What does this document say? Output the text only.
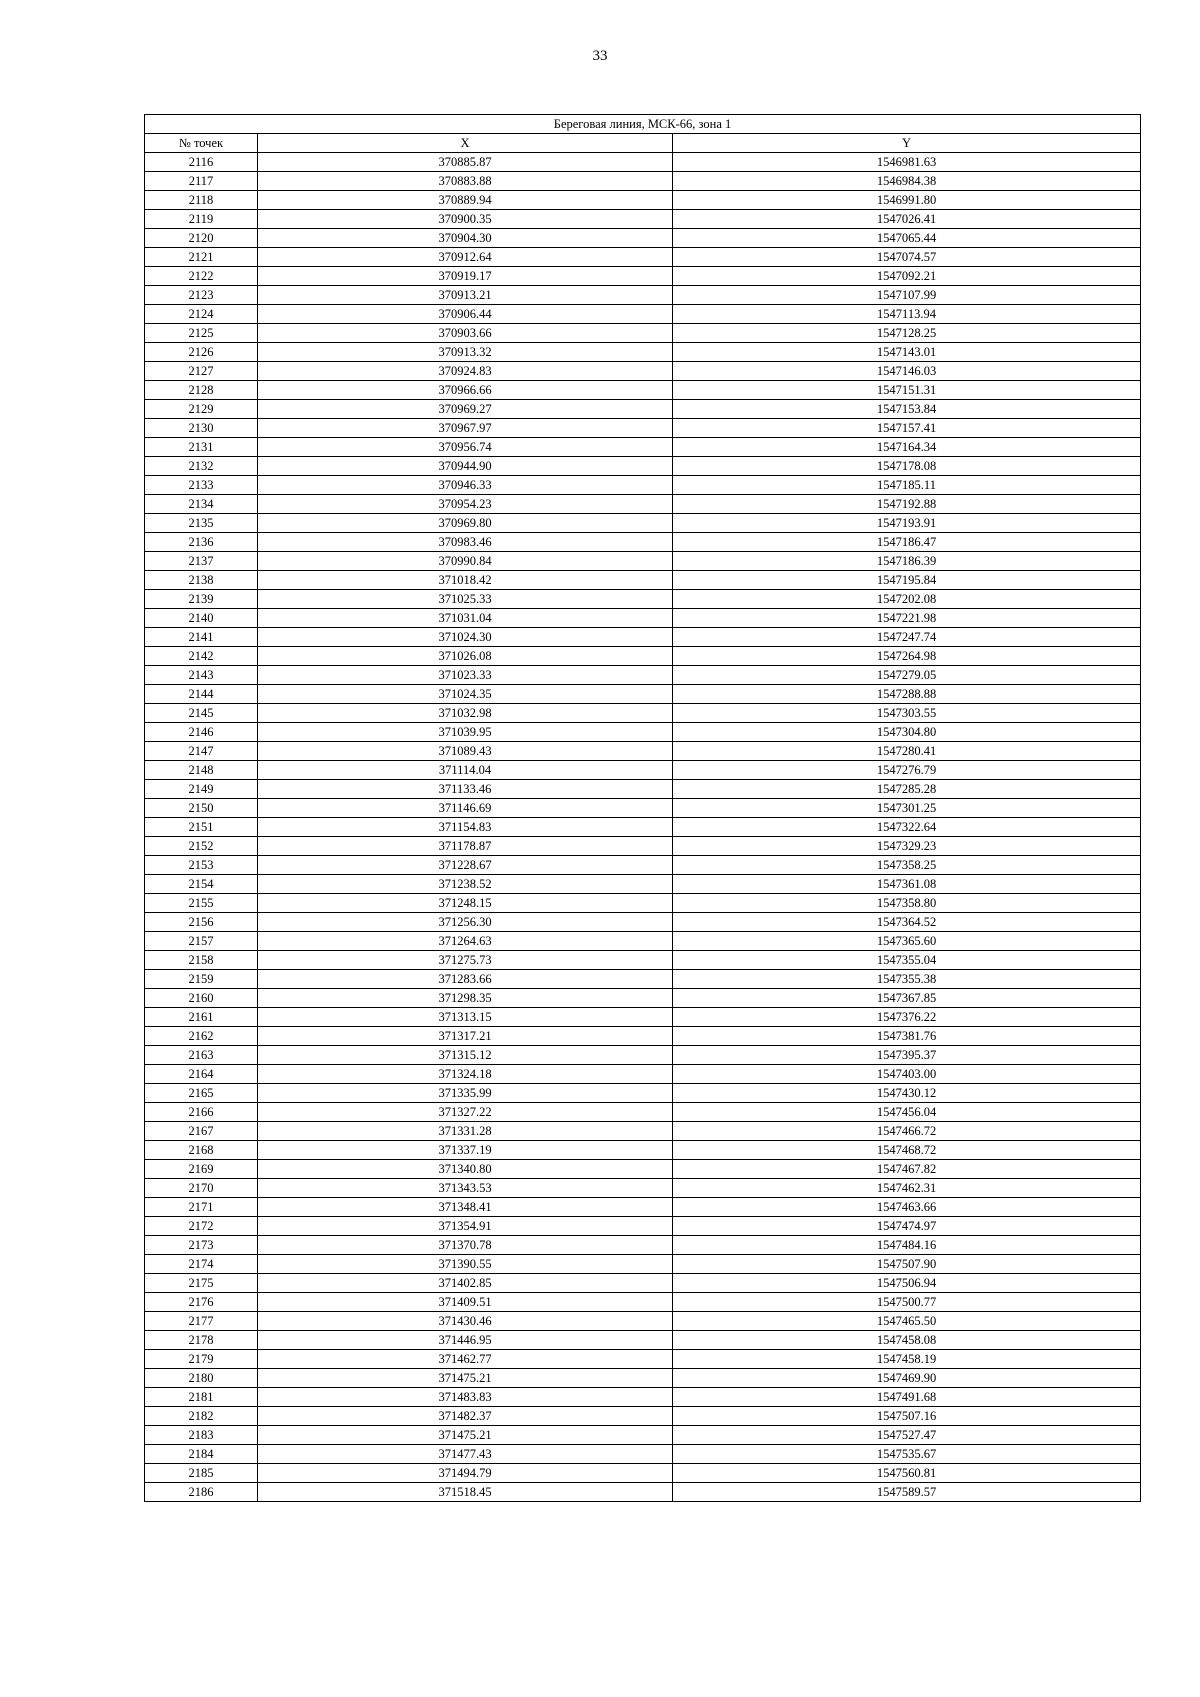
33
Береговая линия, МСК-66, зона 1		
№ точек	X	Y
2116	370885.87	1546981.63
2117	370883.88	1546984.38
2118	370889.94	1546991.80
2119	370900.35	1547026.41
2120	370904.30	1547065.44
2121	370912.64	1547074.57
2122	370919.17	1547092.21
2123	370913.21	1547107.99
2124	370906.44	1547113.94
2125	370903.66	1547128.25
2126	370913.32	1547143.01
2127	370924.83	1547146.03
2128	370966.66	1547151.31
2129	370969.27	1547153.84
2130	370967.97	1547157.41
2131	370956.74	1547164.34
2132	370944.90	1547178.08
2133	370946.33	1547185.11
2134	370954.23	1547192.88
2135	370969.80	1547193.91
2136	370983.46	1547186.47
2137	370990.84	1547186.39
2138	371018.42	1547195.84
2139	371025.33	1547202.08
2140	371031.04	1547221.98
2141	371024.30	1547247.74
2142	371026.08	1547264.98
2143	371023.33	1547279.05
2144	371024.35	1547288.88
2145	371032.98	1547303.55
2146	371039.95	1547304.80
2147	371089.43	1547280.41
2148	371114.04	1547276.79
2149	371133.46	1547285.28
2150	371146.69	1547301.25
2151	371154.83	1547322.64
2152	371178.87	1547329.23
2153	371228.67	1547358.25
2154	371238.52	1547361.08
2155	371248.15	1547358.80
2156	371256.30	1547364.52
2157	371264.63	1547365.60
2158	371275.73	1547355.04
2159	371283.66	1547355.38
2160	371298.35	1547367.85
2161	371313.15	1547376.22
2162	371317.21	1547381.76
2163	371315.12	1547395.37
2164	371324.18	1547403.00
2165	371335.99	1547430.12
2166	371327.22	1547456.04
2167	371331.28	1547466.72
2168	371337.19	1547468.72
2169	371340.80	1547467.82
2170	371343.53	1547462.31
2171	371348.41	1547463.66
2172	371354.91	1547474.97
2173	371370.78	1547484.16
2174	371390.55	1547507.90
2175	371402.85	1547506.94
2176	371409.51	1547500.77
2177	371430.46	1547465.50
2178	371446.95	1547458.08
2179	371462.77	1547458.19
2180	371475.21	1547469.90
2181	371483.83	1547491.68
2182	371482.37	1547507.16
2183	371475.21	1547527.47
2184	371477.43	1547535.67
2185	371494.79	1547560.81
2186	371518.45	1547589.57
